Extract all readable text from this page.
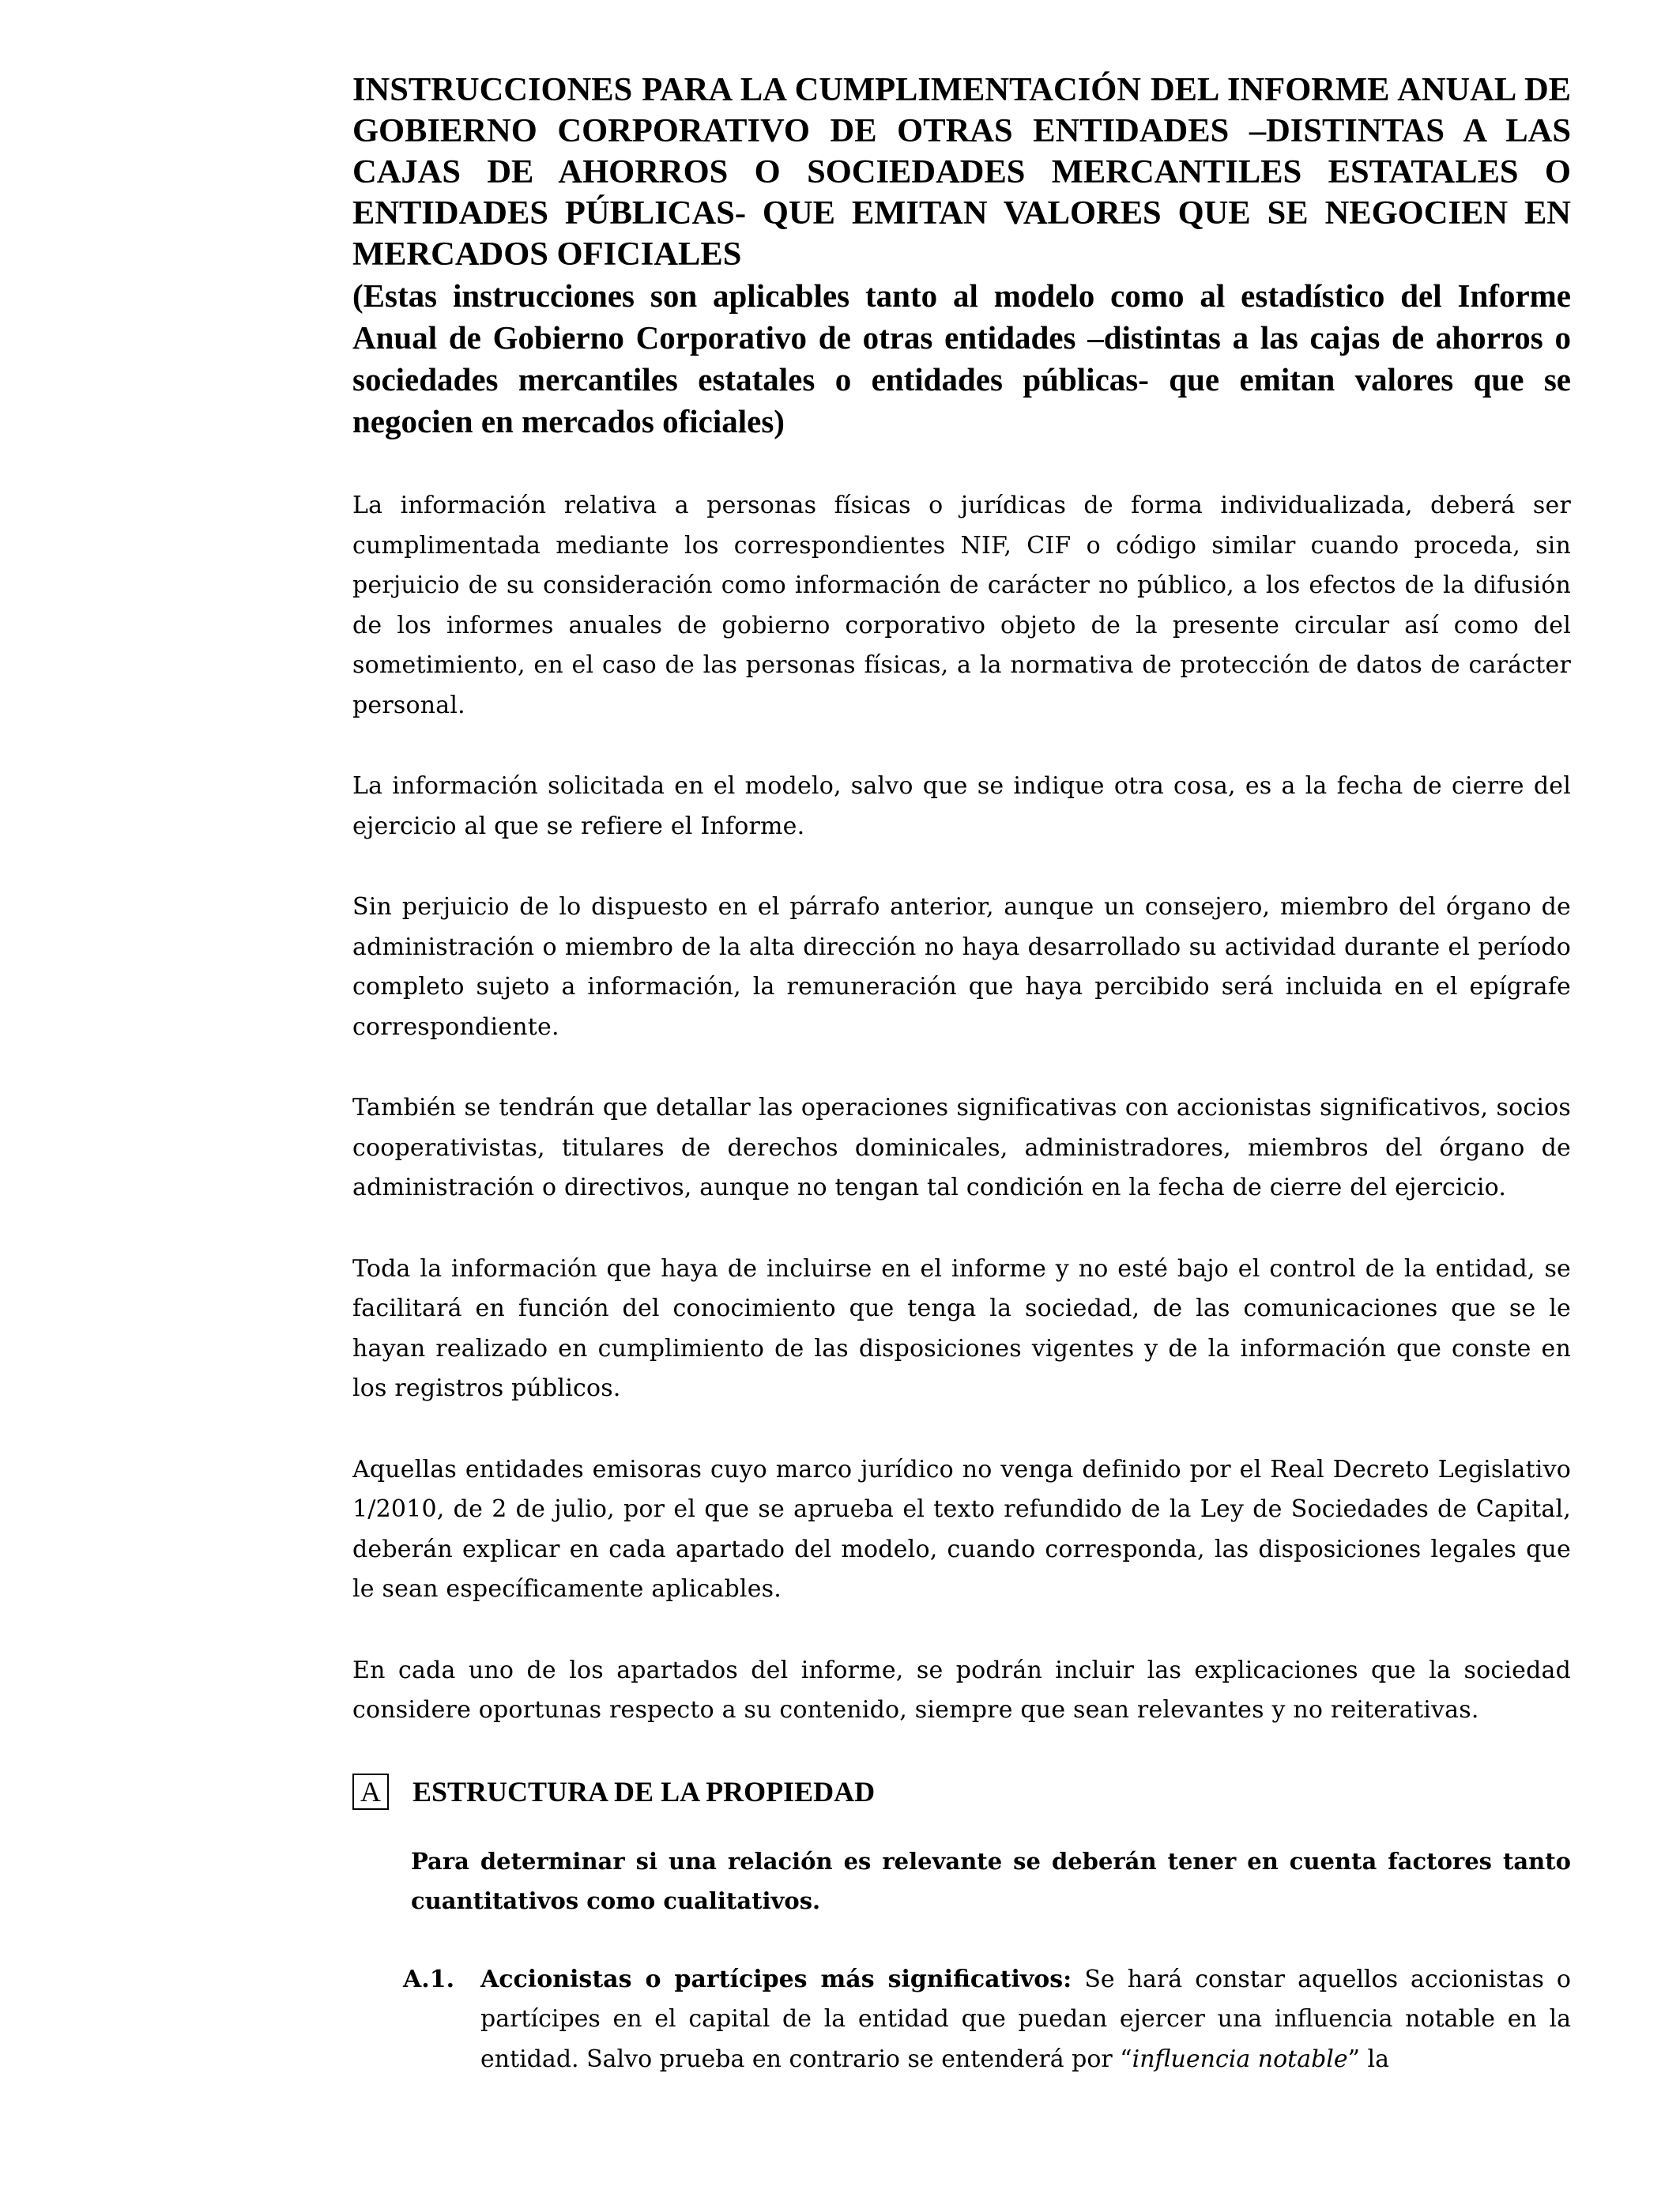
INSTRUCCIONES PARA LA CUMPLIMENTACIÓN DEL INFORME ANUAL DE GOBIERNO CORPORATIVO DE OTRAS ENTIDADES –DISTINTAS A LAS CAJAS DE AHORROS O SOCIEDADES MERCANTILES ESTATALES O ENTIDADES PÚBLICAS- QUE EMITAN VALORES QUE SE NEGOCIEN EN MERCADOS OFICIALES

(Estas instrucciones son aplicables tanto al modelo como al estadístico del Informe Anual de Gobierno Corporativo de otras entidades –distintas a las cajas de ahorros o sociedades mercantiles estatales o entidades públicas- que emitan valores que se negocien en mercados oficiales)

La información relativa a personas físicas o jurídicas de forma individualizada, deberá ser cumplimentada mediante los correspondientes NIF, CIF o código similar cuando proceda, sin perjuicio de su consideración como información de carácter no público, a los efectos de la difusión de los informes anuales de gobierno corporativo objeto de la presente circular así como del sometimiento, en el caso de las personas físicas, a la normativa de protección de datos de carácter personal.

La información solicitada en el modelo, salvo que se indique otra cosa, es a la fecha de cierre del ejercicio al que se refiere el Informe.

Sin perjuicio de lo dispuesto en el párrafo anterior, aunque un consejero, miembro del órgano de administración o miembro de la alta dirección no haya desarrollado su actividad durante el período completo sujeto a información, la remuneración que haya percibido será incluida en el epígrafe correspondiente.

También se tendrán que detallar las operaciones significativas con accionistas significativos, socios cooperativistas, titulares de derechos dominicales, administradores, miembros del órgano de administración o directivos, aunque no tengan tal condición en la fecha de cierre del ejercicio.

Toda la información que haya de incluirse en el informe y no esté bajo el control de la entidad, se facilitará en función del conocimiento que tenga la sociedad, de las comunicaciones que se le hayan realizado en cumplimiento de las disposiciones vigentes y de la información que conste en los registros públicos.

Aquellas entidades emisoras cuyo marco jurídico no venga definido por el Real Decreto Legislativo 1/2010, de 2 de julio, por el que se aprueba el texto refundido de la Ley de Sociedades de Capital, deberán explicar en cada apartado del modelo, cuando corresponda, las disposiciones legales que le sean específicamente aplicables.

En cada uno de los apartados del informe, se podrán incluir las explicaciones que la sociedad considere oportunas respecto a su contenido, siempre que sean relevantes y no reiterativas.

A ESTRUCTURA DE LA PROPIEDAD

Para determinar si una relación es relevante se deberán tener en cuenta factores tanto cuantitativos como cualitativos.

A.1.	Accionistas o partícipes más significativos: Se hará constar aquellos accionistas o partícipes en el capital de la entidad que puedan ejercer una influencia notable en la entidad. Salvo prueba en contrario se entenderá por “influencia notable” la
